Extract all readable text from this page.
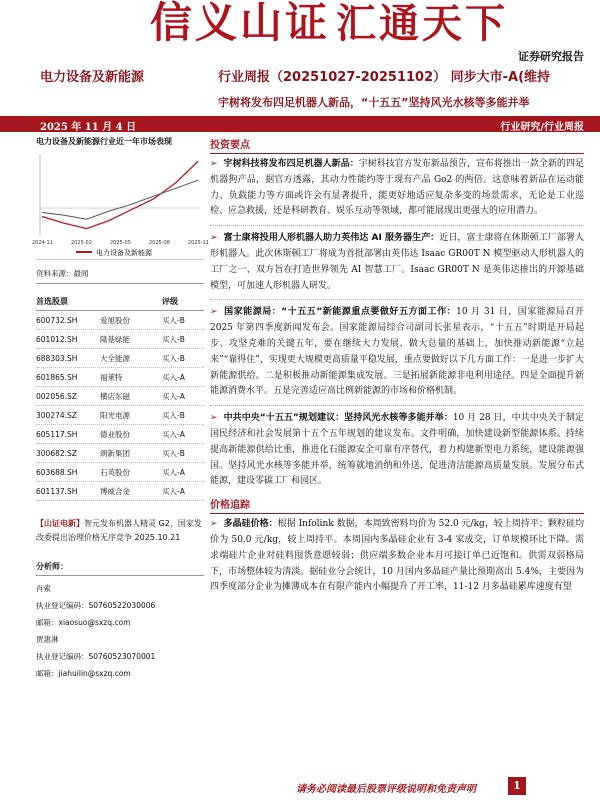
信义山证 汇通天下
证券研究报告
电力设备及新能源	行业周报（20251027-20251102） 同步大市-A(维持
宇树将发布四足机器人新品，“十五五”坚持风光水核等多能并举
2025 年 11 月 4 日	行业研究/行业周报
电力设备及新能源行业近一年市场表现
2024-11	2025-02	2025-05	2025-08	2025-11
电力设备及新能源
资料来源：最闻
首选股票	评级
600732.SH	爱旭股份	买入-B
601012.SH	隆基绿能	买入-B
688303.SH	大全能源	买入-B
601865.SH	福莱特	买入-A
002056.SZ	横店东磁	买入-A
300274.SZ	阳光电源	买入-B
605117.SH	德业股份	买入-A
300682.SZ	朗新集团	买入-B
603688.SH	石英股份	买入-A
601137.SH	博威合金	买入-A
【山证电新】智元发布机器人精灵 G2，国家发改委提出治理价格无序竞争 2025.10.21
分析师：
肖索
执业登记编码：S0760522030006
邮箱：xiaosuo@sxzq.com
贾惠淋
执业登记编码：S0760523070001
邮箱：jiahuilin@sxzq.com
投资要点
➢ 宇树科技将发布四足机器人新品：宇树科技官方发布新品预告，宣布将推出一款全新的四足机器狗产品，据官方透露，其动力性能约等于现有产品 Go2 的两倍。这意味着新品在运动能力、负载能力等方面或许会有显著提升，能更好地适应复杂多变的场景需求，无论是工业巡检、应急救援，还是科研教育、娱乐互动等领域，都可能展现出更强大的应用潜力。
➢ 富士康将投用人形机器人助力英伟达 AI 服务器生产：近日，富士康将在休斯顿工厂部署人形机器人。此次休斯顿工厂将成为首批部署由英伟达 Isaac GR00T N 模型驱动人形机器人的工厂之一，双方旨在打造世界领先 AI 智慧工厂。Isaac GR00T N 是英伟达推出的开源基础模型，可加速人形机器人研发。
➢ 国家能源局：“十五五”新能源重点要做好五方面工作：10 月 31 日，国家能源局召开 2025 年第四季度新闻发布会。国家能源局综合司副司长张星表示，“十五五”时期是开局起步、攻坚克难的关键五年，要在继续大力发展、做大总量的基础上，加快推动新能源“立起来”“靠得住”，实现更大规模更高质量平稳发展，重点要做好以下几方面工作：一是进一步扩大新能源供给。二是积极推动新能源集成发展。三是拓展新能源非电利用途径。四是全面提升新能源消费水平。五是完善适应高比例新能源的市场和价格机制。
➢ 中共中央“十五五”规划建议：坚持风光水核等多能并举：10 月 28 日，中共中央关于制定国民经济和社会发展第十五个五年规划的建议发布。文件明确，加快建设新型能源体系。持续提高新能源供给比重，推进化石能源安全可靠有序替代，着力构建新型电力系统，建设能源强国。坚持风光水核等多能并举，统筹就地消纳和外送，促进清洁能源高质量发展。发展分布式能源，建设零碳工厂和园区。
价格追踪
➢ 多晶硅价格：根据 Infolink 数据，本周致密料均价为 52.0 元/kg，较上周持平；颗粒硅均价为 50.0 元/kg，较上周持平。本周国内多晶硅企业有 3-4 家成交，订单规模环比下降。需求端硅片企业对硅料囤货意愿较弱；供应端多数企业本月可接订单已近饱和。供需双弱格局下，市场整体较为清淡。据硅业分会统计，10 月国内多晶硅产量比预期高出 5.4%，主要因为四季度部分企业为摊薄成本在有限产能内小幅提升了开工率，11-12 月多晶硅累库速度有望
请务必阅读最后股票评级说明和免责声明	1
